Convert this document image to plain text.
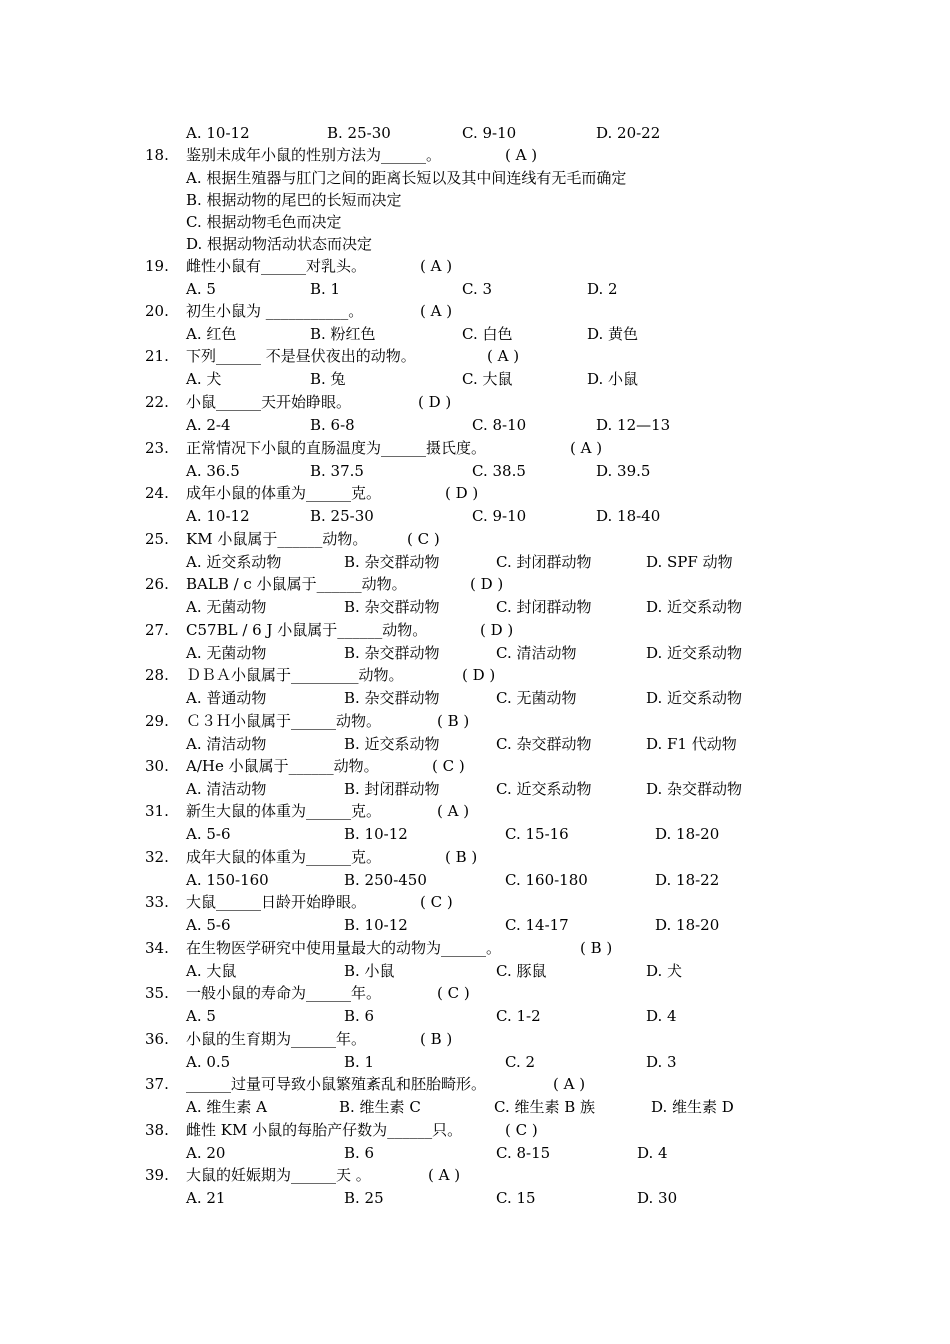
A. 10-12	B. 25-30	C. 9-10	D. 20-22
18. 鉴别未成年小鼠的性别方法为______。	( A )
A. 根据生殖器与肛门之间的距离长短以及其中间连线有无毛而确定
B. 根据动物的尾巴的长短而决定
C. 根据动物毛色而决定
D. 根据动物活动状态而决定
19. 雌性小鼠有______对乳头。	( A )
A. 5	B. 1	C. 3	D. 2
20. 初生小鼠为 ___________。	( A )
A. 红色	B. 粉红色	C. 白色	D. 黄色
21. 下列______ 不是昼伏夜出的动物。	( A )
A. 犬	B. 兔	C. 大鼠	D. 小鼠
22. 小鼠______天开始睁眼。	( D )
A. 2-4	B. 6-8	C. 8-10	D. 12—13
23. 正常情况下小鼠的直肠温度为______摄氏度。	( A )
A. 36.5	B. 37.5	C. 38.5	D. 39.5
24. 成年小鼠的体重为______克。	( D )
A. 10-12	B. 25-30	C. 9-10	D. 18-40
25. KM 小鼠属于______动物。	( C )
A. 近交系动物	B. 杂交群动物	C. 封闭群动物	D. SPF 动物
26. BALB / c 小鼠属于______动物。	( D )
A. 无菌动物	B. 杂交群动物	C. 封闭群动物	D. 近交系动物
27. C57BL / 6 J 小鼠属于______动物。	( D )
A. 无菌动物	B. 杂交群动物	C. 清洁动物	D. 近交系动物
28. ＤＢＡ小鼠属于_________动物。	( D )
A. 普通动物	B. 杂交群动物	C. 无菌动物	D. 近交系动物
29. Ｃ３Ｈ小鼠属于______动物。	( B )
A. 清洁动物	B. 近交系动物	C. 杂交群动物	D. F1 代动物
30. A/He 小鼠属于______动物。	( C )
A. 清洁动物	B. 封闭群动物	C. 近交系动物	D. 杂交群动物
31. 新生大鼠的体重为______克。	( A )
A. 5-6	B. 10-12	C. 15-16	D. 18-20
32. 成年大鼠的体重为______克。	( B )
A. 150-160	B. 250-450	C. 160-180	D. 18-22
33. 大鼠______日龄开始睁眼。	( C )
A. 5-6	B. 10-12	C. 14-17	D. 18-20
34. 在生物医学研究中使用量最大的动物为______。	( B )
A. 大鼠	B. 小鼠	C. 豚鼠	D. 犬
35. 一般小鼠的寿命为______年。	( C )
A. 5	B. 6	C. 1-2	D. 4
36. 小鼠的生育期为______年。	( B )
A. 0.5	B. 1	C. 2	D. 3
37. ______过量可导致小鼠繁殖紊乱和胚胎畸形。	( A )
A. 维生素 A	B. 维生素 C	C. 维生素 B 族	D. 维生素 D
38. 雌性 KM 小鼠的每胎产仔数为______只。	( C )
A. 20	B. 6	C. 8-15	D. 4
39. 大鼠的妊娠期为______天 。	( A )
A. 21	B. 25	C. 15	D. 30
